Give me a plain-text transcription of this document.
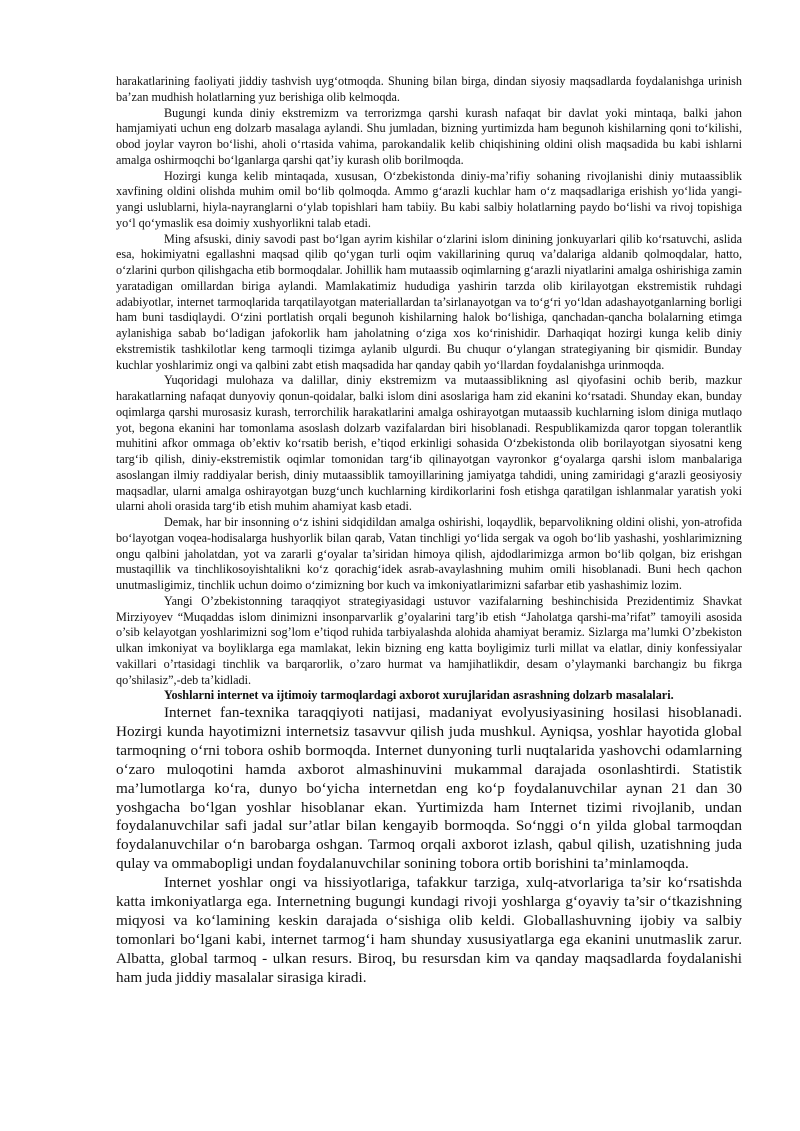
harakatlarining faoliyati jiddiy tashvish uyg‘otmoqda. Shuning bilan birga, dindan siyosiy maqsadlarda foydalanishga urinish ba’zan mudhish holatlarning yuz berishiga olib kelmoqda.

Bugungi kunda diniy ekstremizm va terrorizmga qarshi kurash nafaqat bir davlat yoki mintaqa, balki jahon hamjamiyati uchun eng dolzarb masalaga aylandi. Shu jumladan, bizning yurtimizda ham begunoh kishilarning qoni to‘kilishi, obod joylar vayron bo‘lishi, aholi o‘rtasida vahima, parokandalik kelib chiqishining oldini olish maqsadida bu kabi ishlarni amalga oshirmoqchi bo‘lganlarga qarshi qat’iy kurash olib borilmoqda.

Hozirgi kunga kelib mintaqada, xususan, O‘zbekistonda diniy-ma’rifiy sohaning rivojlanishi diniy mutaassiblik xavfining oldini olishda muhim omil bo‘lib qolmoqda. Ammo g‘arazli kuchlar ham o‘z maqsadlariga erishish yo‘lida yangi-yangi uslublarni, hiyla-nayranglarni o‘ylab topishlari ham tabiiy. Bu kabi salbiy holatlarning paydo bo‘lishi va rivoj topishiga yo‘l qo‘ymaslik esa doimiy xushyorlikni talab etadi.

Ming afsuski, diniy savodi past bo‘lgan ayrim kishilar o‘zlarini islom dinining jonkuyarlari qilib ko‘rsatuvchi, aslida esa, hokimiyatni egallashni maqsad qilib qo‘ygan turli oqim vakillarining quruq va’dalariga aldanib qolmoqdalar, hatto, o‘zlarini qurbon qilishgacha etib bormoqdalar. Johillik ham mutaassib oqimlarning g‘arazli niyatlarini amalga oshirishiga zamin yaratadigan omillardan biriga aylandi. Mamlakatimiz hududiga yashirin tarzda olib kirilayotgan ekstremistik ruhdagi adabiyotlar, internet tarmoqlarida tarqatilayotgan materiallardan ta’sirlanayotgan va to‘g‘ri yo‘ldan adashayotganlarning borligi ham buni tasdiqlaydi. O‘zini portlatish orqali begunoh kishilarning halok bo‘lishiga, qanchadan-qancha bolalarning etimga aylanishiga sabab bo‘ladigan jafokorlik ham jaholatning o‘ziga xos ko‘rinishidir. Darhaqiqat hozirgi kunga kelib diniy ekstremistik tashkilotlar keng tarmoqli tizimga aylanib ulgurdi. Bu chuqur o‘ylangan strategiyaning bir qismidir. Bunday kuchlar yoshlarimiz ongi va qalbini zabt etish maqsadida har qanday qabih yo‘llardan foydalanishga urinmoqda.

Yuqoridagi mulohaza va dalillar, diniy ekstremizm va mutaassiblikning asl qiyofasini ochib berib, mazkur harakatlarning nafaqat dunyoviy qonun-qoidalar, balki islom dini asoslariga ham zid ekanini ko‘rsatadi. Shunday ekan, bunday oqimlarga qarshi murosasiz kurash, terrorchilik harakatlarini amalga oshirayotgan mutaassib kuchlarning islom diniga mutlaqo yot, begona ekanini har tomonlama asoslash dolzarb vazifalardan biri hisoblanadi. Respublikamizda qaror topgan tolerantlik muhitini afkor ommaga ob’ektiv ko‘rsatib berish, e’tiqod erkinligi sohasida O‘zbekistonda olib borilayotgan siyosatni keng targ‘ib qilish, diniy-ekstremistik oqimlar tomonidan targ‘ib qilinayotgan vayronkor g‘oyalarga qarshi islom manbalariga asoslangan ilmiy raddiyalar berish, diniy mutaassiblik tamoyillarining jamiyatga tahdidi, uning zamiridagi g‘arazli geosiyosiy maqsadlar, ularni amalga oshirayotgan buzg‘unch kuchlarning kirdikorlarini fosh etishga qaratilgan ishlanmalar yaratish yoki ularni aholi orasida targ‘ib etish muhim ahamiyat kasb etadi.

Demak, har bir insonning o‘z ishini sidqidildan amalga oshirishi, loqaydlik, beparvolikning oldini olishi, yon-atrofida bo‘layotgan voqea-hodisalarga hushyorlik bilan qarab, Vatan tinchligi yo‘lida sergak va ogoh bo‘lib yashashi, yoshlarimizning ongu qalbini jaholatdan, yot va zararli g‘oyalar ta’siridan himoya qilish, ajdodlarimizga armon bo‘lib qolgan, biz erishgan mustaqillik va tinchlikosoyishtalikni ko‘z qorachig‘idek asrab-avaylashning muhim omili hisoblanadi. Buni hech qachon unutmasligimiz, tinchlik uchun doimo o‘zimizning bor kuch va imkoniyatlarimizni safarbar etib yashashimiz lozim.

Yangi O’zbekistonning taraqqiyot strategiyasidagi ustuvor vazifalarning beshinchisida Prezidentimiz Shavkat Mirziyoyev “Muqaddas islom dinimizni insonparvarlik g’oyalarini targ’ib etish “Jaholatga qarshi-ma’rifat” tamoyili asosida o’sib kelayotgan yoshlarimizni sog’lom e’tiqod ruhida tarbiyalashda alohida ahamiyat beramiz. Sizlarga ma’lumki O’zbekiston ulkan imkoniyat va boyliklarga ega mamlakat, lekin bizning eng katta boyligimiz turli millat va elatlar, diniy konfessiyalar vakillari o’rtasidagi tinchlik va barqarorlik, o’zaro hurmat va hamjihatlikdir, desam o’ylaymanki barchangiz bu fikrga qo’shilasiz”,-deb ta’kidladi.

Yoshlarni internet va ijtimoiy tarmoqlardagi axborot xurujlaridan asrashning dolzarb masalalari.

Internet fan-texnika taraqqiyoti natijasi, madaniyat evolyusiyasining hosilasi hisoblanadi. Hozirgi kunda hayotimizni internetsiz tasavvur qilish juda mushkul. Ayniqsa, yoshlar hayotida global tarmoqning o‘rni tobora oshib bormoqda. Internet dunyoning turli nuqtalarida yashovchi odamlarning o‘zaro muloqotini hamda axborot almashinuvini mukammal darajada osonlashtirdi. Statistik ma’lumotlarga ko‘ra, dunyo bo‘yicha internetdan eng ko‘p foydalanuvchilar aynan 21 dan 30 yoshgacha bo‘lgan yoshlar hisoblanar ekan. Yurtimizda ham Internet tizimi rivojlanib, undan foydalanuvchilar safi jadal sur’atlar bilan kengayib bormoqda. So‘nggi o‘n yilda global tarmoqdan foydalanuvchilar o‘n barobarga oshgan. Tarmoq orqali axborot izlash, qabul qilish, uzatishning juda qulay va ommabopligi undan foydalanuvchilar sonining tobora ortib borishini ta’minlamoqda.

Internet yoshlar ongi va hissiyotlariga, tafakkur tarziga, xulq-atvorlariga ta’sir ko‘rsatishda katta imkoniyatlarga ega. Internetning bugungi kundagi rivoji yoshlarga g‘oyaviy ta’sir o‘tkazishning miqyosi va ko‘lamining keskin darajada o‘sishiga olib keldi. Globallashuvning ijobiy va salbiy tomonlari bo‘lgani kabi, internet tarmog‘i ham shunday xususiyatlarga ega ekanini unutmaslik zarur. Albatta, global tarmoq - ulkan resurs. Biroq, bu resursdan kim va qanday maqsadlarda foydalanishi ham juda jiddiy masalalar sirasiga kiradi.
